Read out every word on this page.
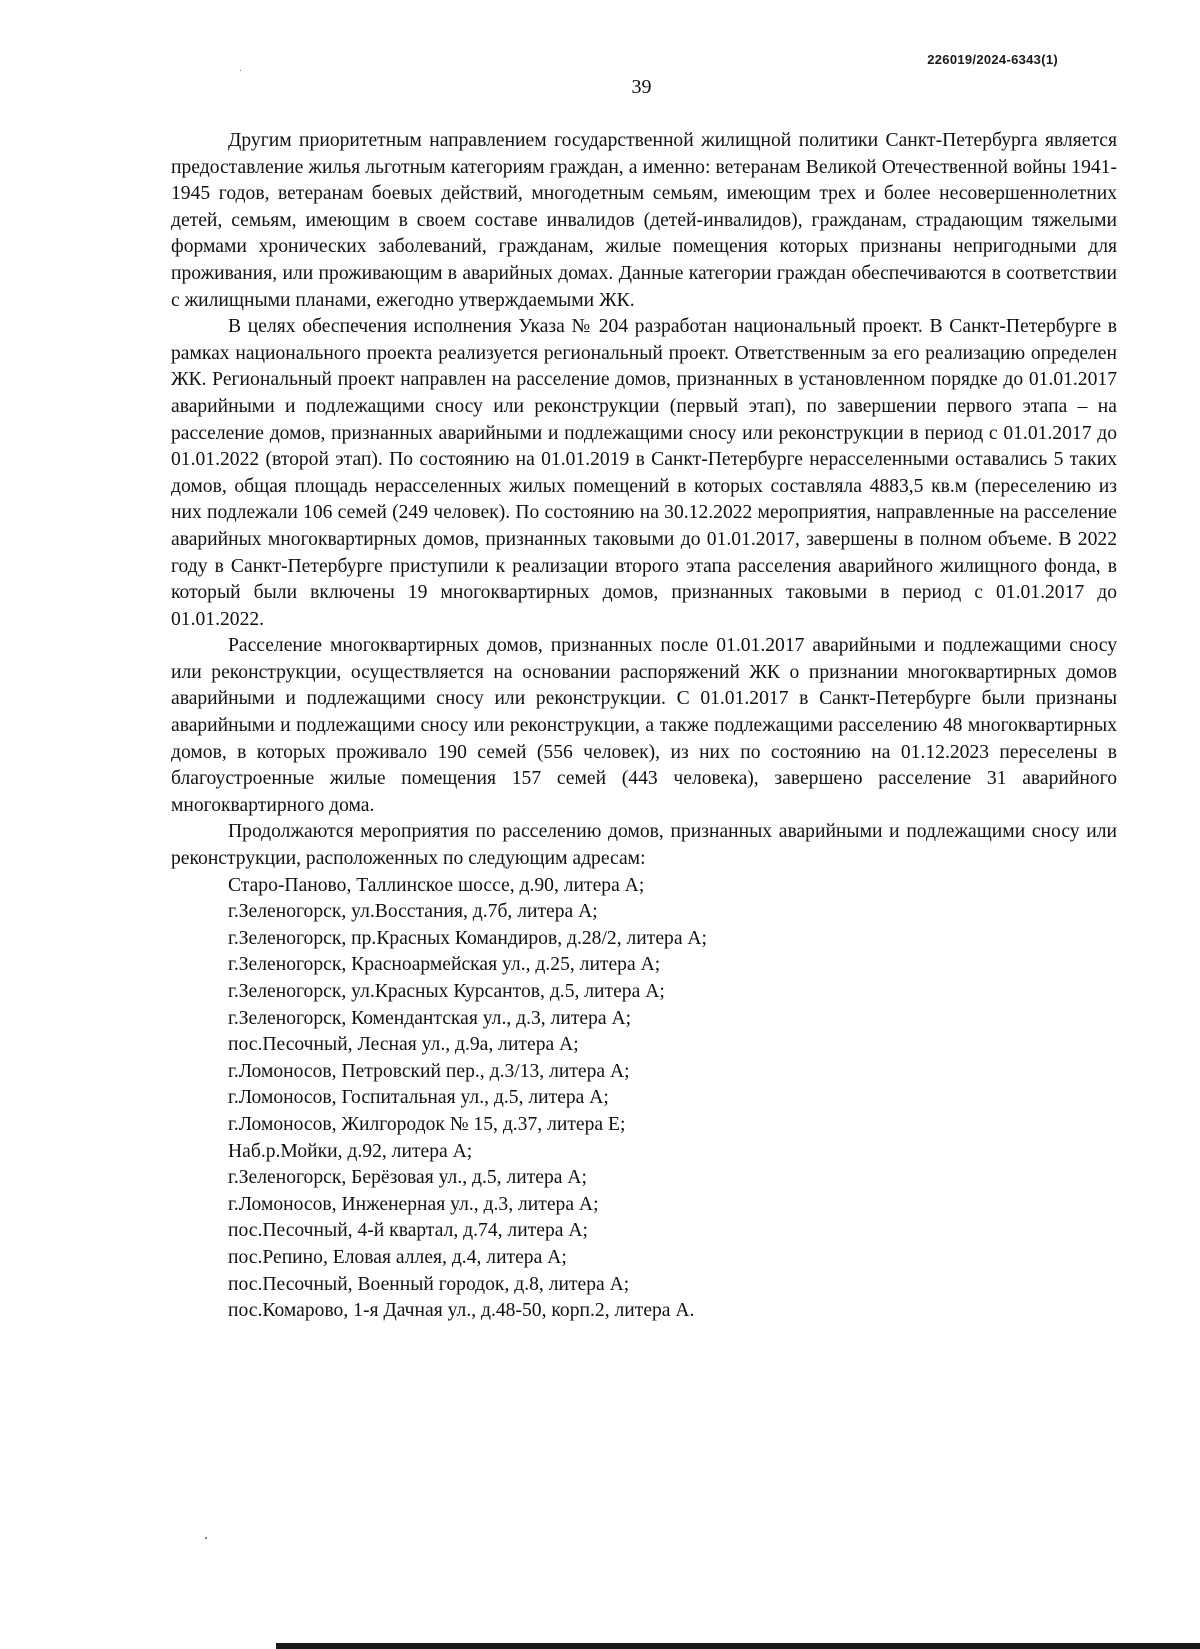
226019/2024-6343(1)
39

Другим приоритетным направлением государственной жилищной политики Санкт-Петербурга является предоставление жилья льготным категориям граждан, а именно: ветеранам Великой Отечественной войны 1941-1945 годов, ветеранам боевых действий, многодетным семьям, имеющим трех и более несовершеннолетних детей, семьям, имеющим в своем составе инвалидов (детей-инвалидов), гражданам, страдающим тяжелыми формами хронических заболеваний, гражданам, жилые помещения которых признаны непригодными для проживания, или проживающим в аварийных домах. Данные категории граждан обеспечиваются в соответствии с жилищными планами, ежегодно утверждаемыми ЖК.

В целях обеспечения исполнения Указа № 204 разработан национальный проект. В Санкт-Петербурге в рамках национального проекта реализуется региональный проект. Ответственным за его реализацию определен ЖК. Региональный проект направлен на расселение домов, признанных в установленном порядке до 01.01.2017 аварийными и подлежащими сносу или реконструкции (первый этап), по завершении первого этапа – на расселение домов, признанных аварийными и подлежащими сносу или реконструкции в период с 01.01.2017 до 01.01.2022 (второй этап). По состоянию на 01.01.2019 в Санкт-Петербурге нерасселенными оставались 5 таких домов, общая площадь нерасселенных жилых помещений в которых составляла 4883,5 кв.м (переселению из них подлежали 106 семей (249 человек). По состоянию на 30.12.2022 мероприятия, направленные на расселение аварийных многоквартирных домов, признанных таковыми до 01.01.2017, завершены в полном объеме. В 2022 году в Санкт-Петербурге приступили к реализации второго этапа расселения аварийного жилищного фонда, в который были включены 19 многоквартирных домов, признанных таковыми в период с 01.01.2017 до 01.01.2022.

Расселение многоквартирных домов, признанных после 01.01.2017 аварийными и подлежащими сносу или реконструкции, осуществляется на основании распоряжений ЖК о признании многоквартирных домов аварийными и подлежащими сносу или реконструкции. С 01.01.2017 в Санкт-Петербурге были признаны аварийными и подлежащими сносу или реконструкции, а также подлежащими расселению 48 многоквартирных домов, в которых проживало 190 семей (556 человек), из них по состоянию на 01.12.2023 переселены в благоустроенные жилые помещения 157 семей (443 человека), завершено расселение 31 аварийного многоквартирного дома.

Продолжаются мероприятия по расселению домов, признанных аварийными и подлежащими сносу или реконструкции, расположенных по следующим адресам:

Старо-Паново, Таллинское шоссе, д.90, литера А;
г.Зеленогорск, ул.Восстания, д.7б, литера А;
г.Зеленогорск, пр.Красных Командиров, д.28/2, литера А;
г.Зеленогорск, Красноармейская ул., д.25, литера А;
г.Зеленогорск, ул.Красных Курсантов, д.5, литера А;
г.Зеленогорск, Комендантская ул., д.3, литера А;
пос.Песочный, Лесная ул., д.9а, литера А;
г.Ломоносов, Петровский пер., д.3/13, литера А;
г.Ломоносов, Госпитальная ул., д.5, литера А;
г.Ломоносов, Жилгородок № 15, д.37, литера Е;
Наб.р.Мойки, д.92, литера А;
г.Зеленогорск, Берёзовая ул., д.5, литера А;
г.Ломоносов, Инженерная ул., д.3, литера А;
пос.Песочный, 4-й квартал, д.74, литера А;
пос.Репино, Еловая аллея, д.4, литера А;
пос.Песочный, Военный городок, д.8, литера А;
пос.Комарово, 1-я Дачная ул., д.48-50, корп.2, литера А.
